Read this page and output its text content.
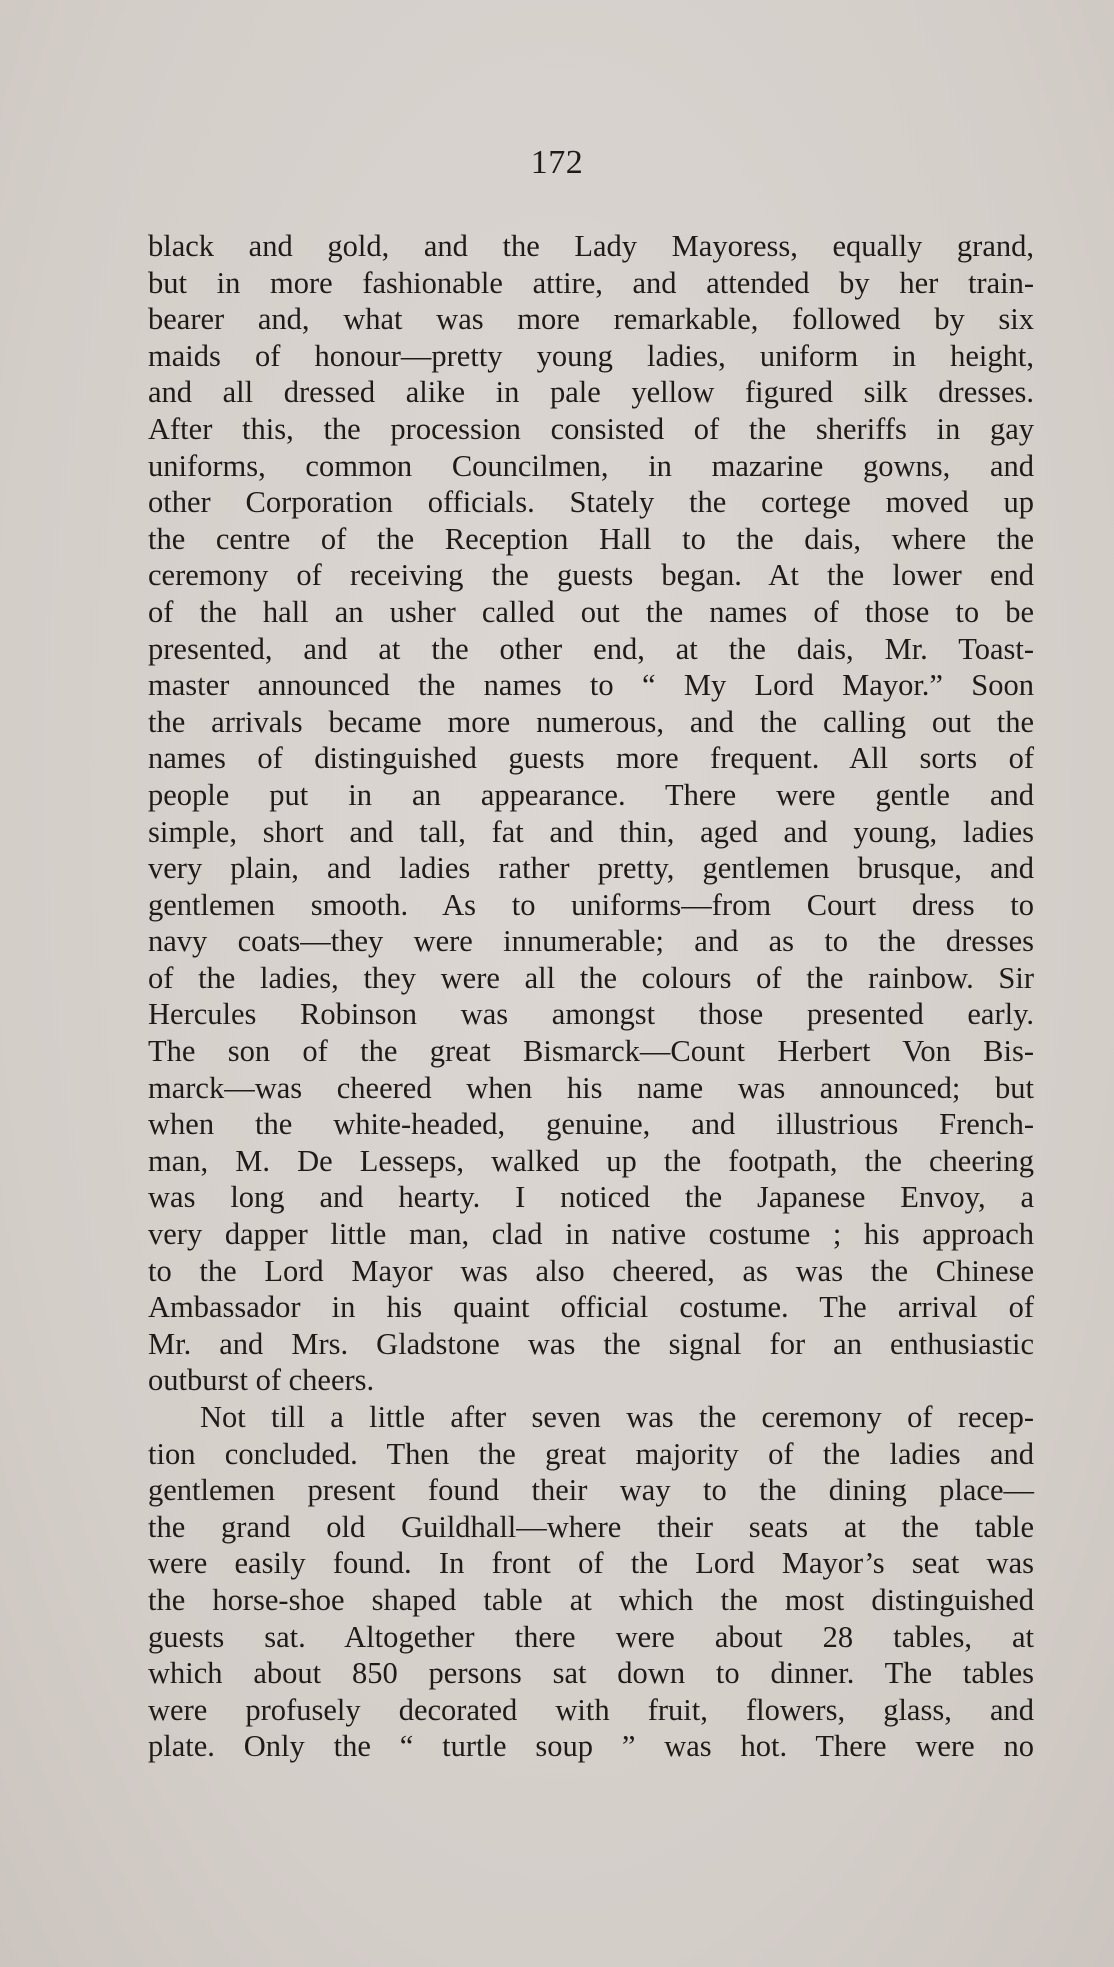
172
black and gold, and the Lady Mayoress, equally grand,
but in more fashionable attire, and attended by her train-
bearer and, what was more remarkable, followed by six
maids of honour—pretty young ladies, uniform in height,
and all dressed alike in pale yellow figured silk dresses.
After this, the procession consisted of the sheriffs in gay
uniforms, common Councilmen, in mazarine gowns, and
other Corporation officials. Stately the cortege moved up
the centre of the Reception Hall to the dais, where the
ceremony of receiving the guests began. At the lower end
of the hall an usher called out the names of those to be
presented, and at the other end, at the dais, Mr. Toast-
master announced the names to “ My Lord Mayor.” Soon
the arrivals became more numerous, and the calling out the
names of distinguished guests more frequent. All sorts of
people put in an appearance. There were gentle and
simple, short and tall, fat and thin, aged and young, ladies
very plain, and ladies rather pretty, gentlemen brusque, and
gentlemen smooth. As to uniforms—from Court dress to
navy coats—they were innumerable; and as to the dresses
of the ladies, they were all the colours of the rainbow. Sir
Hercules Robinson was amongst those presented early.
The son of the great Bismarck—Count Herbert Von Bis-
marck—was cheered when his name was announced; but
when the white-headed, genuine, and illustrious French-
man, M. De Lesseps, walked up the footpath, the cheering
was long and hearty. I noticed the Japanese Envoy, a
very dapper little man, clad in native costume ; his approach
to the Lord Mayor was also cheered, as was the Chinese
Ambassador in his quaint official costume. The arrival of
Mr. and Mrs. Gladstone was the signal for an enthusiastic
outburst of cheers.
Not till a little after seven was the ceremony of recep-
tion concluded. Then the great majority of the ladies and
gentlemen present found their way to the dining place—
the grand old Guildhall—where their seats at the table
were easily found. In front of the Lord Mayor’s seat was
the horse-shoe shaped table at which the most distinguished
guests sat. Altogether there were about 28 tables, at
which about 850 persons sat down to dinner. The tables
were profusely decorated with fruit, flowers, glass, and
plate. Only the “ turtle soup ” was hot. There were no
